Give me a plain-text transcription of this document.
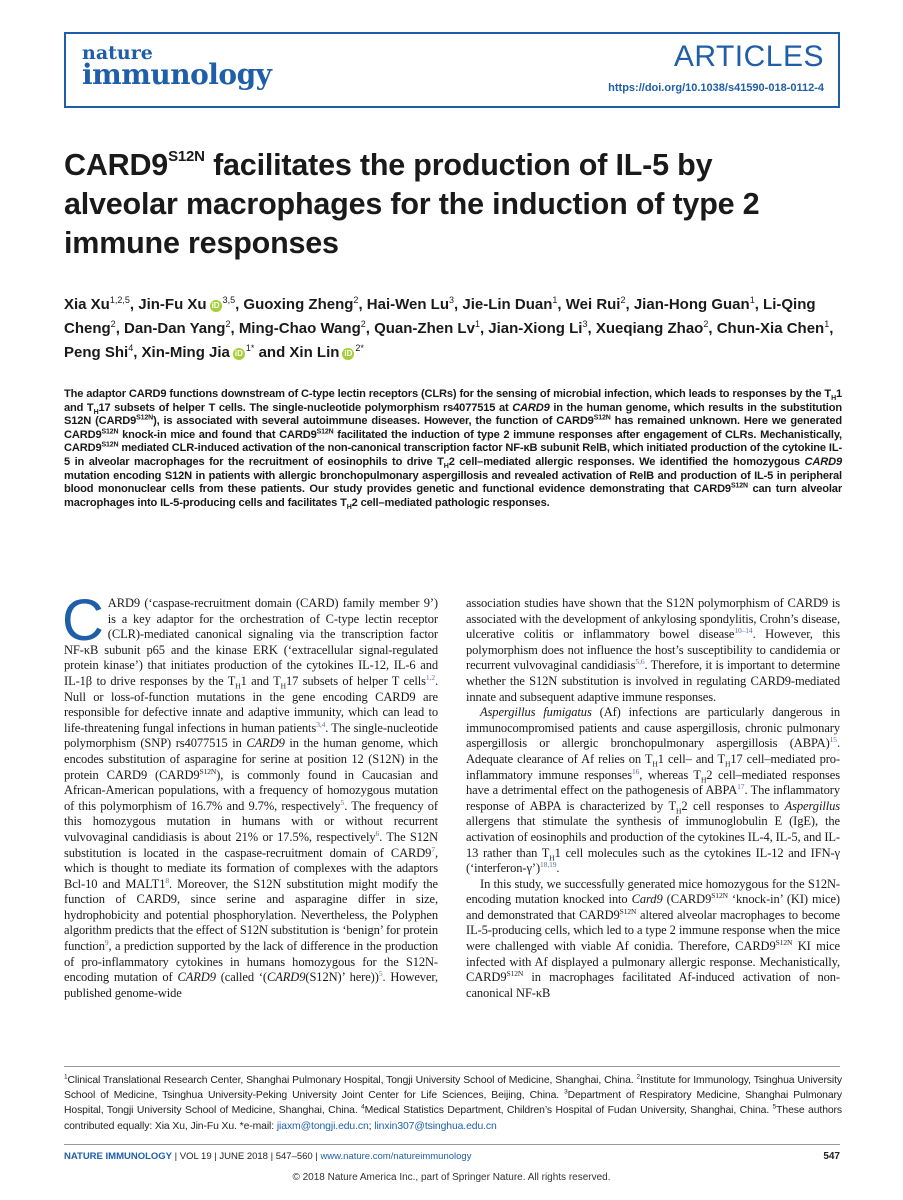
nature
immunology
ARTICLES
https://doi.org/10.1038/s41590-018-0112-4
$CARD9^{S12N}$ facilitates the production of IL-5 by alveolar macrophages for the induction of type 2 immune responses

Xia Xu$^{1,2,5}$, Jin-Fu Xu iD$^{3,5}$, Guoxing Zheng$^2$, Hai-Wen Lu$^3$, Jie-Lin Duan$^1$, Wei Rui$^2$, Jian-Hong Guan$^1$, Li-Qing Cheng$^2$, Dan-Dan Yang$^2$, Ming-Chao Wang$^2$, Quan-Zhen Lv$^1$, Jian-Xiong Li$^3$, Xueqiang Zhao$^2$, Chun-Xia Chen$^1$, Peng Shi$^4$, Xin-Ming Jia $iD^{1*}$ and Xin Lin $iD^{2*}$

The adaptor CARD9 functions downstream of C-type lectin receptors (CLRs) for the sensing of microbial infection, which leads to responses by the $T_H1$ and $T_H17$ subsets of helper T cells. The single-nucleotide polymorphism rs4077515 at CARD9 in the human genome, which results in the substitution S12N $(CARD9^{S12N})$, is associated with several autoimmune diseases. However, the function of $CARD9^{S12N}$ has remained unknown. Here we generated $CARD9^{S12N}$ knock-in mice and found that $CARD9^{S12N}$ facilitated the induction of type 2 immune responses after engagement of CLRs. Mechanistically, $CARD9^{S12N}$ mediated CLR-induced activation of the non-canonical transcription factor NF-κB subunit RelB, which initiated production of the cytokine IL-5 in alveolar macrophages for the recruitment of eosinophils to drive $T_H2$ cell–mediated allergic responses. We identified the homozygous CARD9 mutation encoding S12N in patients with allergic bronchopulmonary aspergillosis and revealed activation of RelB and production of IL-5 in peripheral blood mononuclear cells from these patients. Our study provides genetic and functional evidence demonstrating that $CARD9^{S12N}$ can turn alveolar macrophages into IL-5-producing cells and facilitates $T_H2$ cell–mediated pathologic responses.

CARD9 (‘caspase-recruitment domain (CARD) family member 9’) is a key adaptor for the orchestration of C-type lectin receptor (CLR)-mediated canonical signaling via the transcription factor NF-κB subunit p65 and the kinase ERK (‘extracellular signal-regulated protein kinase’) that initiates production of the cytokines IL-12, IL-6 and IL-1β to drive responses by the $T_H1$ and $T_H17$ subsets of helper T cells$^{1,2}$. Null or loss-of-function mutations in the gene encoding CARD9 are responsible for defective innate and adaptive immunity, which can lead to life-threatening fungal infections in human patients$^{3,4}$. The single-nucleotide polymorphism (SNP) rs4077515 in CARD9 in the human genome, which encodes substitution of asparagine for serine at position 12 (S12N) in the protein CARD9 $(CARD9^{S12N})$, is commonly found in Caucasian and African-American populations, with a frequency of homozygous mutation of this polymorphism of 16.7% and 9.7%, respectively$^5$. The frequency of this homozygous mutation in humans with or without recurrent vulvovaginal candidiasis is about 21% or 17.5%, respectively$^6$. The S12N substitution is located in the caspase-recruitment domain of CARD9$^7$, which is thought to mediate its formation of complexes with the adaptors Bcl-10 and MALT1$^8$. Moreover, the S12N substitution might modify the function of CARD9, since serine and asparagine differ in size, hydrophobicity and potential phosphorylation. Nevertheless, the Polyphen algorithm predicts that the effect of S12N substitution is ‘benign’ for protein function$^9$, a prediction supported by the lack of difference in the production of pro-inflammatory cytokines in humans homozygous for the S12N-encoding mutation of CARD9 (called ‘(CARD9(S12N)’ here))$^5$. However, published genome-wide

association studies have shown that the S12N polymorphism of CARD9 is associated with the development of ankylosing spondylitis, Crohn’s disease, ulcerative colitis or inflammatory bowel disease$^{10-14}$. However, this polymorphism does not influence the host’s susceptibility to candidemia or recurrent vulvovaginal candidiasis$^{5,6}$. Therefore, it is important to determine whether the S12N substitution is involved in regulating CARD9-mediated innate and subsequent adaptive immune responses.

Aspergillus fumigatus (Af) infections are particularly dangerous in immunocompromised patients and cause aspergillosis, chronic pulmonary aspergillosis or allergic bronchopulmonary aspergillosis (ABPA)$^{15}$. Adequate clearance of Af relies on $T_H1$ cell– and $T_H17$ cell–mediated pro-inflammatory immune responses$^{16}$, whereas $T_H2$ cell–mediated responses have a detrimental effect on the pathogenesis of ABPA$^{17}$. The inflammatory response of ABPA is characterized by $T_H2$ cell responses to Aspergillus allergens that stimulate the synthesis of immunoglobulin E (IgE), the activation of eosinophils and production of the cytokines IL-4, IL-5, and IL-13 rather than $T_H1$ cell molecules such as the cytokines IL-12 and IFN-γ (‘interferon-γ’)$^{18,19}$.

In this study, we successfully generated mice homozygous for the S12N-encoding mutation knocked into Card9 ($CARD9^{S12N}$ ‘knock-in’ (KI) mice) and demonstrated that $CARD9^{S12N}$ altered alveolar macrophages to become IL-5-producing cells, which led to a type 2 immune response when the mice were challenged with viable Af conidia. Therefore, $CARD9^{S12N}$ KI mice infected with Af displayed a pulmonary allergic response. Mechanistically, $CARD9^{S12N}$ in macrophages facilitated Af-induced activation of non-canonical NF-κB

$^1$Clinical Translational Research Center, Shanghai Pulmonary Hospital, Tongji University School of Medicine, Shanghai, China. $^2$Institute for Immunology, Tsinghua University School of Medicine, Tsinghua University-Peking University Joint Center for Life Sciences, Beijing, China. $^3$Department of Respiratory Medicine, Shanghai Pulmonary Hospital, Tongji University School of Medicine, Shanghai, China. $^4$Medical Statistics Department, Children’s Hospital of Fudan University, Shanghai, China. $^5$These authors contributed equally: Xia Xu, Jin-Fu Xu. *e-mail: jiaxm@tongji.edu.cn; linxin307@tsinghua.edu.cn

NATURE IMMUNOLOGY | VOL 19 | JUNE 2018 | 547–560 | www.nature.com/natureimmunology	547
© 2018 Nature America Inc., part of Springer Nature. All rights reserved.
